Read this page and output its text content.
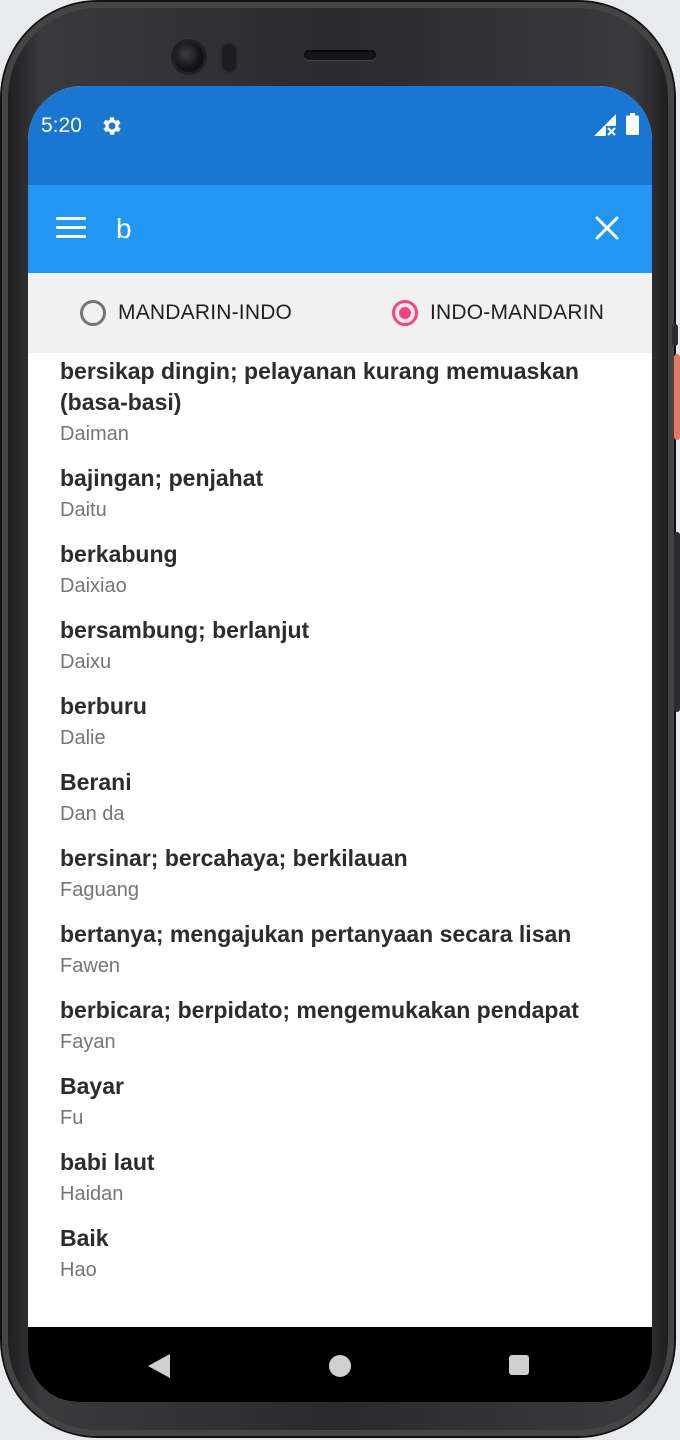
5:20
b
MANDARIN-INDO	INDO-MANDARIN
bersikap dingin; pelayanan kurang memuaskan (basa-basi)
Daiman
bajingan; penjahat
Daitu
berkabung
Daixiao
bersambung; berlanjut
Daixu
berburu
Dalie
Berani
Dan da
bersinar; bercahaya; berkilauan
Faguang
bertanya; mengajukan pertanyaan secara lisan
Fawen
berbicara; berpidato; mengemukakan pendapat
Fayan
Bayar
Fu
babi laut
Haidan
Baik
Hao
